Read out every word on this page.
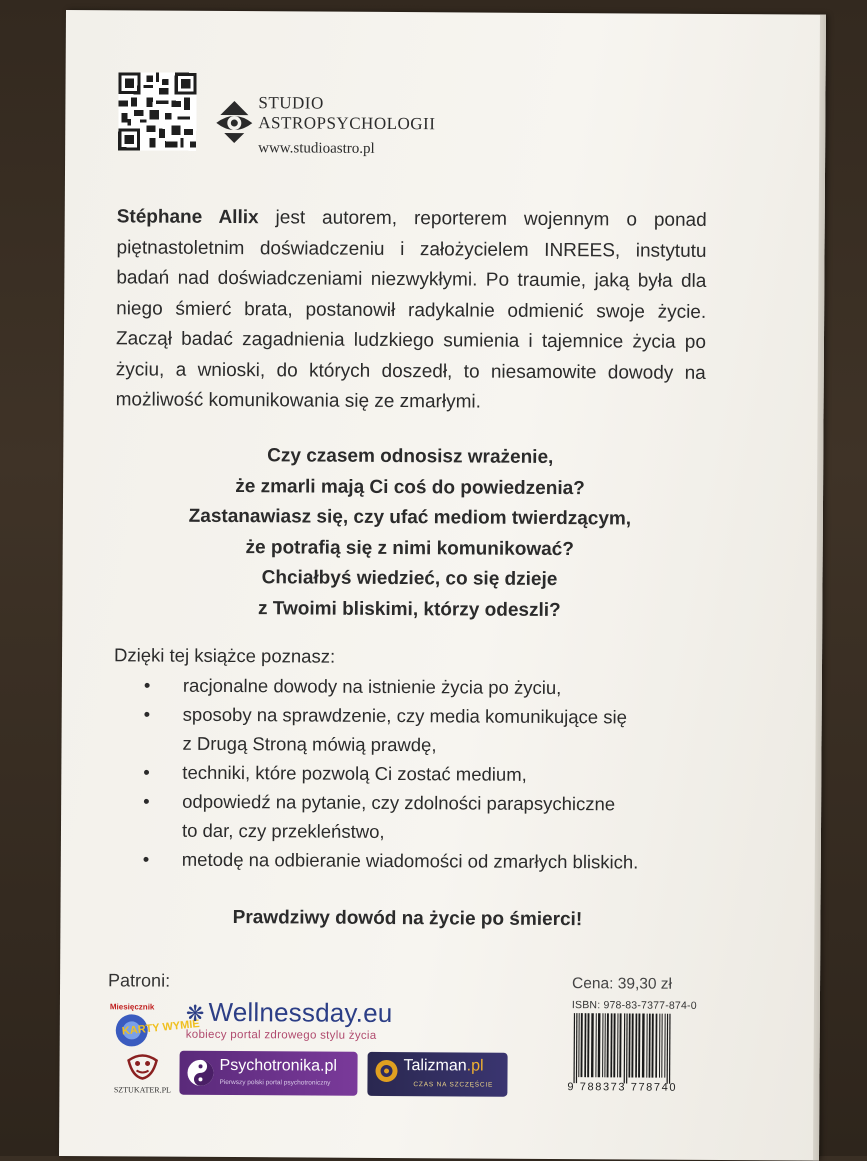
STUDIO
ASTROPSYCHOLOGII
www.studioastro.pl
Stéphane Allix jest autorem, reporterem wojennym o ponad piętnastoletnim doświadczeniu i założycielem INREES, instytutu badań nad doświadczeniami niezwykłymi. Po traumie, jaką była dla niego śmierć brata, postanowił radykalnie odmienić swoje życie. Zaczął badać zagadnienia ludzkiego sumienia i tajemnice życia po życiu, a wnioski, do których doszedł, to niesamowite dowody na możliwość komunikowania się ze zmarłymi.
Czy czasem odnosisz wrażenie,
że zmarli mają Ci coś do powiedzenia?
Zastanawiasz się, czy ufać mediom twierdzącym,
że potrafią się z nimi komunikować?
Chciałbyś wiedzieć, co się dzieje
z Twoimi bliskimi, którzy odeszli?
Dzięki tej książce poznasz:
• racjonalne dowody na istnienie życia po życiu,
• sposoby na sprawdzenie, czy media komunikujące się
z Drugą Stroną mówią prawdę,
• techniki, które pozwolą Ci zostać medium,
• odpowiedź na pytanie, czy zdolności parapsychiczne
to dar, czy przekleństwo,
• metodę na odbieranie wiadomości od zmarłych bliskich.
Prawdziwy dowód na życie po śmierci!
Patroni:
Miesięcznik
KARTY WYMIE
❋ Wellnessday.eu
kobiecy portal zdrowego stylu życia
SZTUKATER.PL
Psychotronika.pl
Pierwszy polski portal psychotroniczny
Talizman.pl
CZAS NA SZCZĘŚCIE
Cena: 39,30 zł
ISBN: 978-83-7377-874-0
9 788373 778740
